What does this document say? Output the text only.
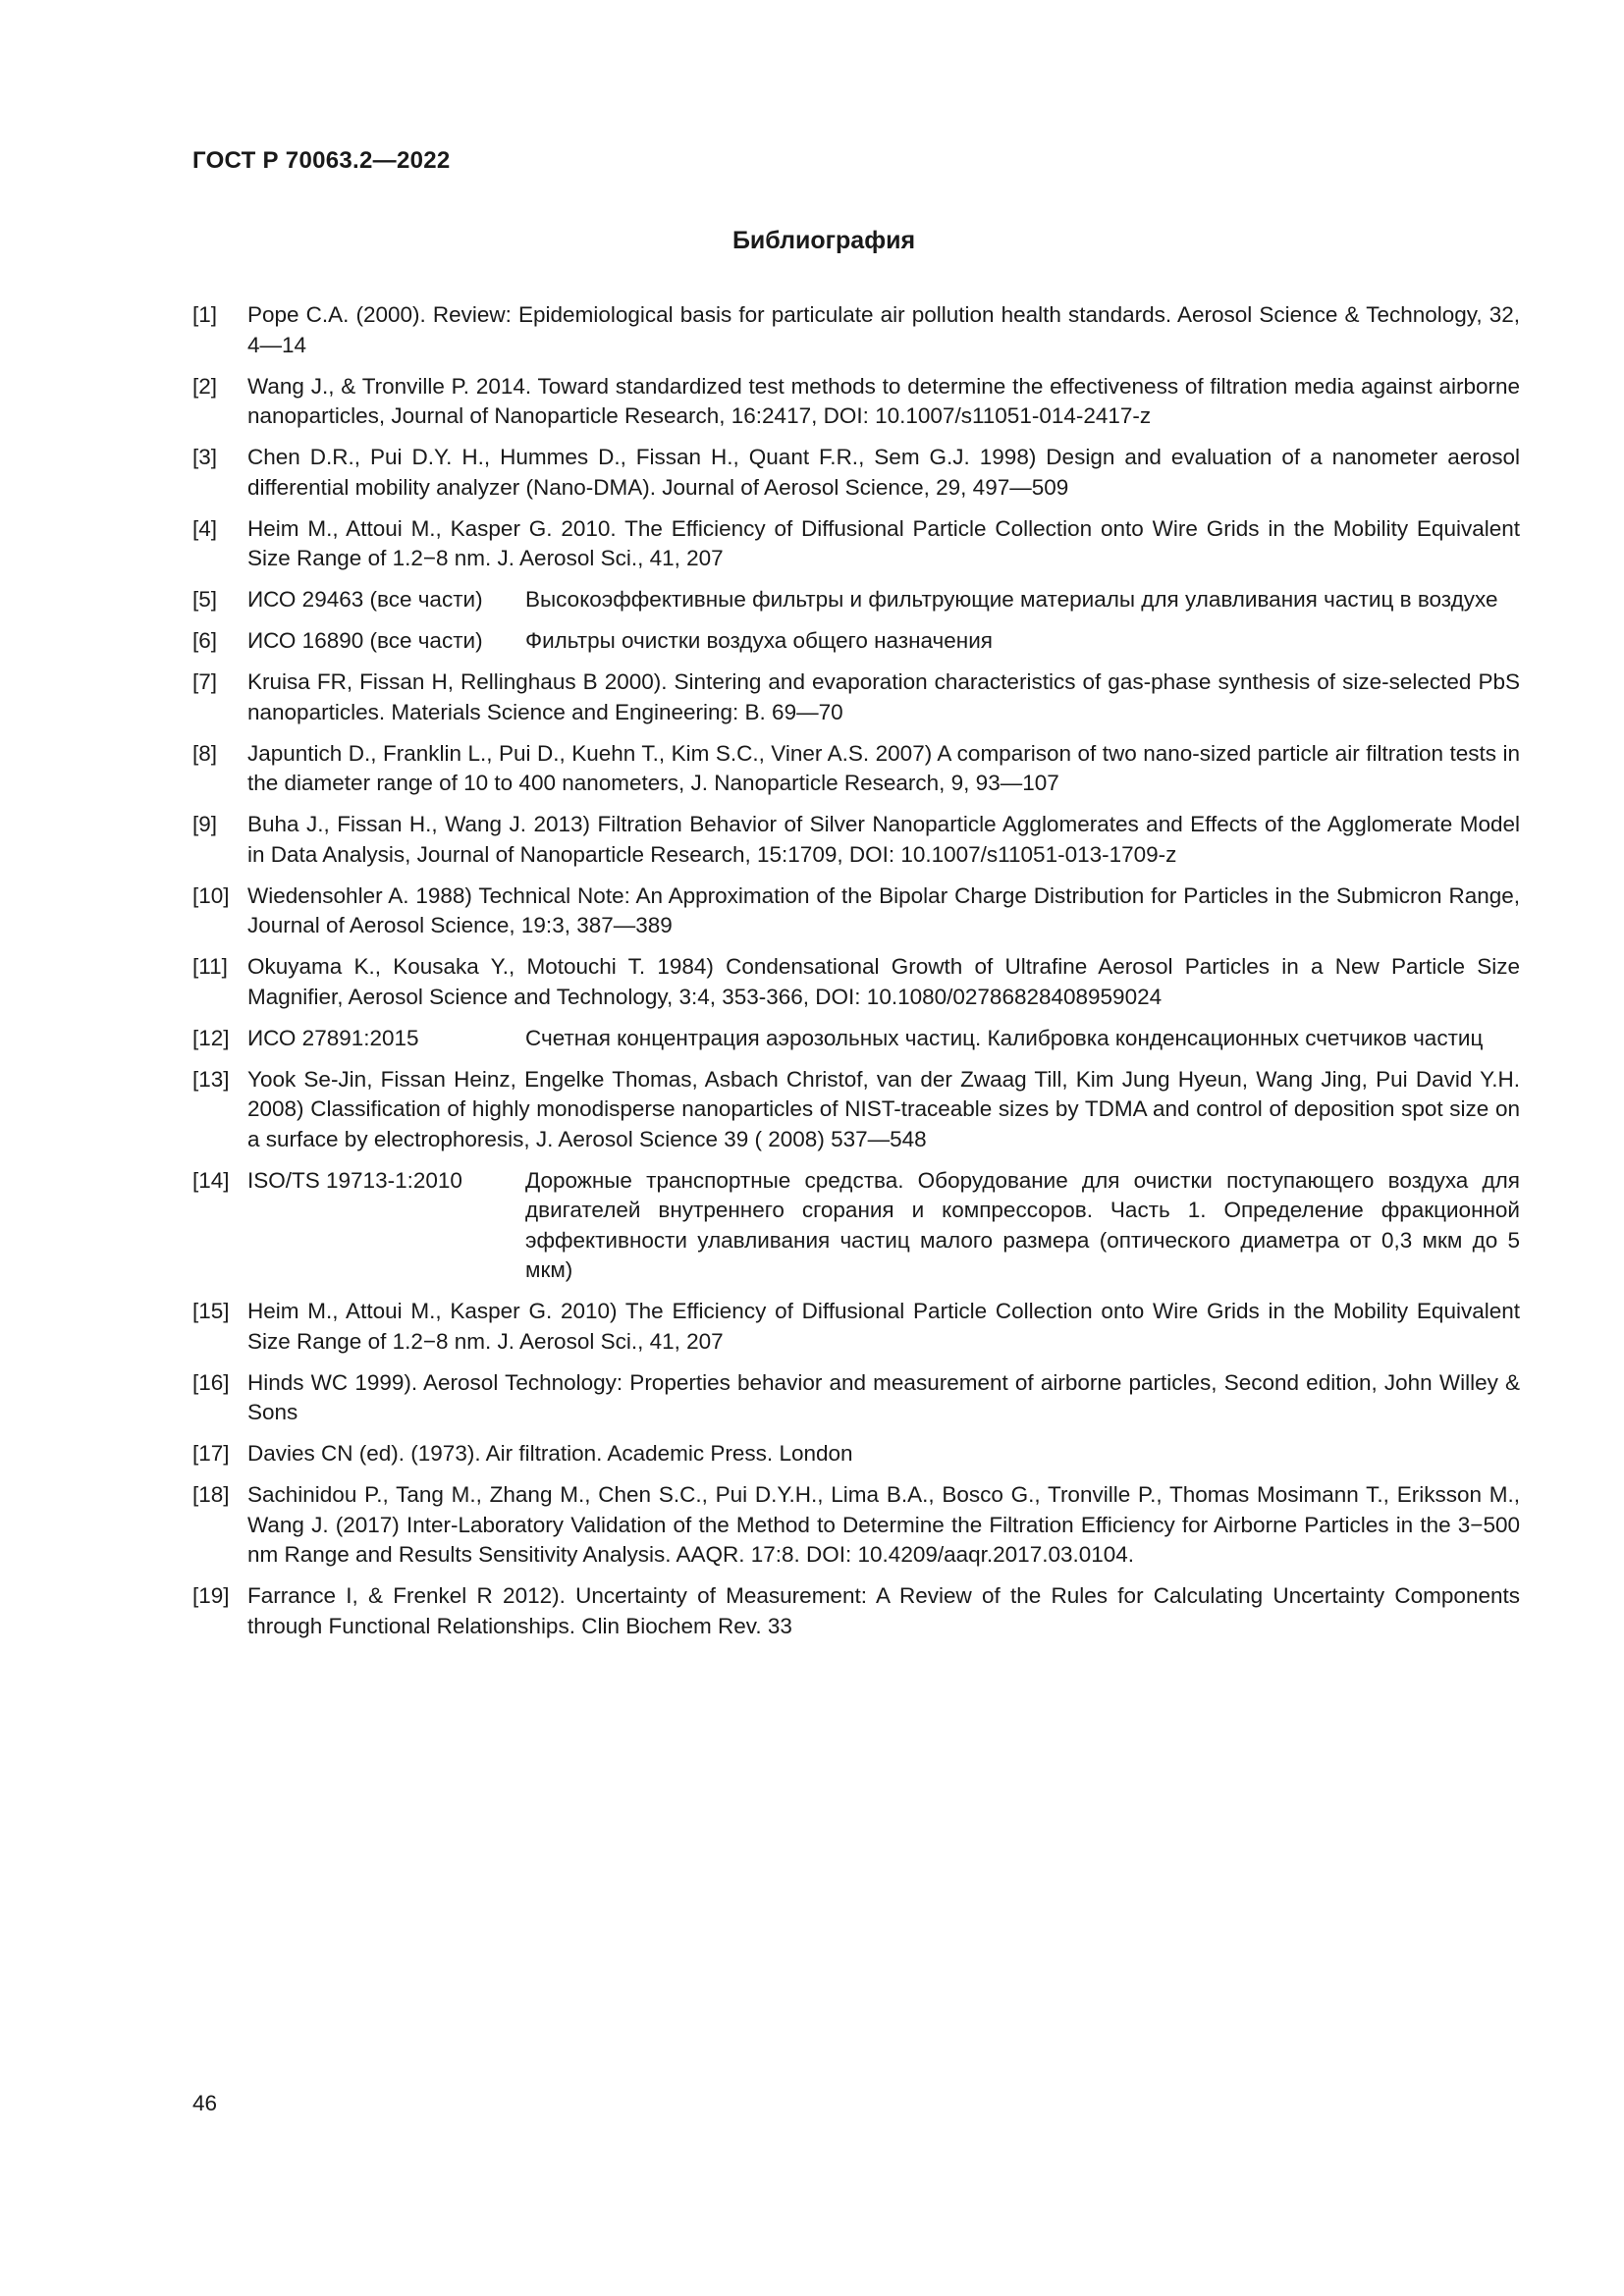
ГОСТ Р 70063.2—2022
Библиография
[1]	Pope C.A. (2000). Review: Epidemiological basis for particulate air pollution health standards. Aerosol Science & Technology, 32, 4—14
[2]	Wang J., & Tronville P. 2014. Toward standardized test methods to determine the effectiveness of filtration media against airborne nanoparticles, Journal of Nanoparticle Research, 16:2417, DOI: 10.1007/s11051-014-2417-z
[3]	Chen D.R., Pui D.Y. H., Hummes D., Fissan H., Quant F.R., Sem G.J. 1998) Design and evaluation of a nanometer aerosol differential mobility analyzer (Nano-DMA). Journal of Aerosol Science, 29, 497—509
[4]	Heim M., Attoui M., Kasper G. 2010. The Efficiency of Diffusional Particle Collection onto Wire Grids in the Mobility Equivalent Size Range of 1.2−8 nm. J. Aerosol Sci., 41, 207
[5]	ИСО 29463 (все части)	Высокоэффективные фильтры и фильтрующие материалы для улавливания частиц в воздухе
[6]	ИСО 16890 (все части)	Фильтры очистки воздуха общего назначения
[7]	Kruisa FR, Fissan H, Rellinghaus B 2000). Sintering and evaporation characteristics of gas-phase synthesis of size-selected PbS nanoparticles. Materials Science and Engineering: B. 69—70
[8]	Japuntich D., Franklin L., Pui D., Kuehn T., Kim S.C., Viner A.S. 2007) A comparison of two nano-sized particle air filtration tests in the diameter range of 10 to 400 nanometers, J. Nanoparticle Research, 9, 93—107
[9]	Buha J., Fissan H., Wang J. 2013) Filtration Behavior of Silver Nanoparticle Agglomerates and Effects of the Agglomerate Model in Data Analysis, Journal of Nanoparticle Research, 15:1709, DOI: 10.1007/s11051-013-1709-z
[10] Wiedensohler A. 1988) Technical Note: An Approximation of the Bipolar Charge Distribution for Particles in the Submicron Range, Journal of Aerosol Science, 19:3, 387—389
[11] Okuyama K., Kousaka Y., Motouchi T. 1984) Condensational Growth of Ultrafine Aerosol Particles in a New Particle Size Magnifier, Aerosol Science and Technology, 3:4, 353-366, DOI: 10.1080/02786828408959024
[12] ИСО 27891:2015	Счетная концентрация аэрозольных частиц. Калибровка конденсационных счетчиков частиц
[13] Yook Se-Jin, Fissan Heinz, Engelke Thomas, Asbach Christof, van der Zwaag Till, Kim Jung Hyeun, Wang Jing, Pui David Y.H. 2008) Classification of highly monodisperse nanoparticles of NIST-traceable sizes by TDMA and control of deposition spot size on a surface by electrophoresis, J. Aerosol Science 39 ( 2008) 537—548
[14] ISO/TS 19713-1:2010	Дорожные транспортные средства. Оборудование для очистки поступающего воздуха для двигателей внутреннего сгорания и компрессоров. Часть 1. Определение фракционной эффективности улавливания частиц малого размера (оптического диаметра от 0,3 мкм до 5 мкм)
[15] Heim M., Attoui M., Kasper G. 2010) The Efficiency of Diffusional Particle Collection onto Wire Grids in the Mobility Equivalent Size Range of 1.2−8 nm. J. Aerosol Sci., 41, 207
[16] Hinds WC 1999). Aerosol Technology: Properties behavior and measurement of airborne particles, Second edition, John Willey & Sons
[17] Davies CN (ed). (1973). Air filtration. Academic Press. London
[18] Sachinidou P., Tang M., Zhang M., Chen S.C., Pui D.Y.H., Lima B.A., Bosco G., Tronville P., Thomas Mosimann T., Eriksson M., Wang J. (2017) Inter-Laboratory Validation of the Method to Determine the Filtration Efficiency for Airborne Particles in the 3−500 nm Range and Results Sensitivity Analysis. AAQR. 17:8. DOI: 10.4209/aaqr.2017.03.0104.
[19] Farrance I, & Frenkel R 2012). Uncertainty of Measurement: A Review of the Rules for Calculating Uncertainty Components through Functional Relationships. Clin Biochem Rev. 33
46
